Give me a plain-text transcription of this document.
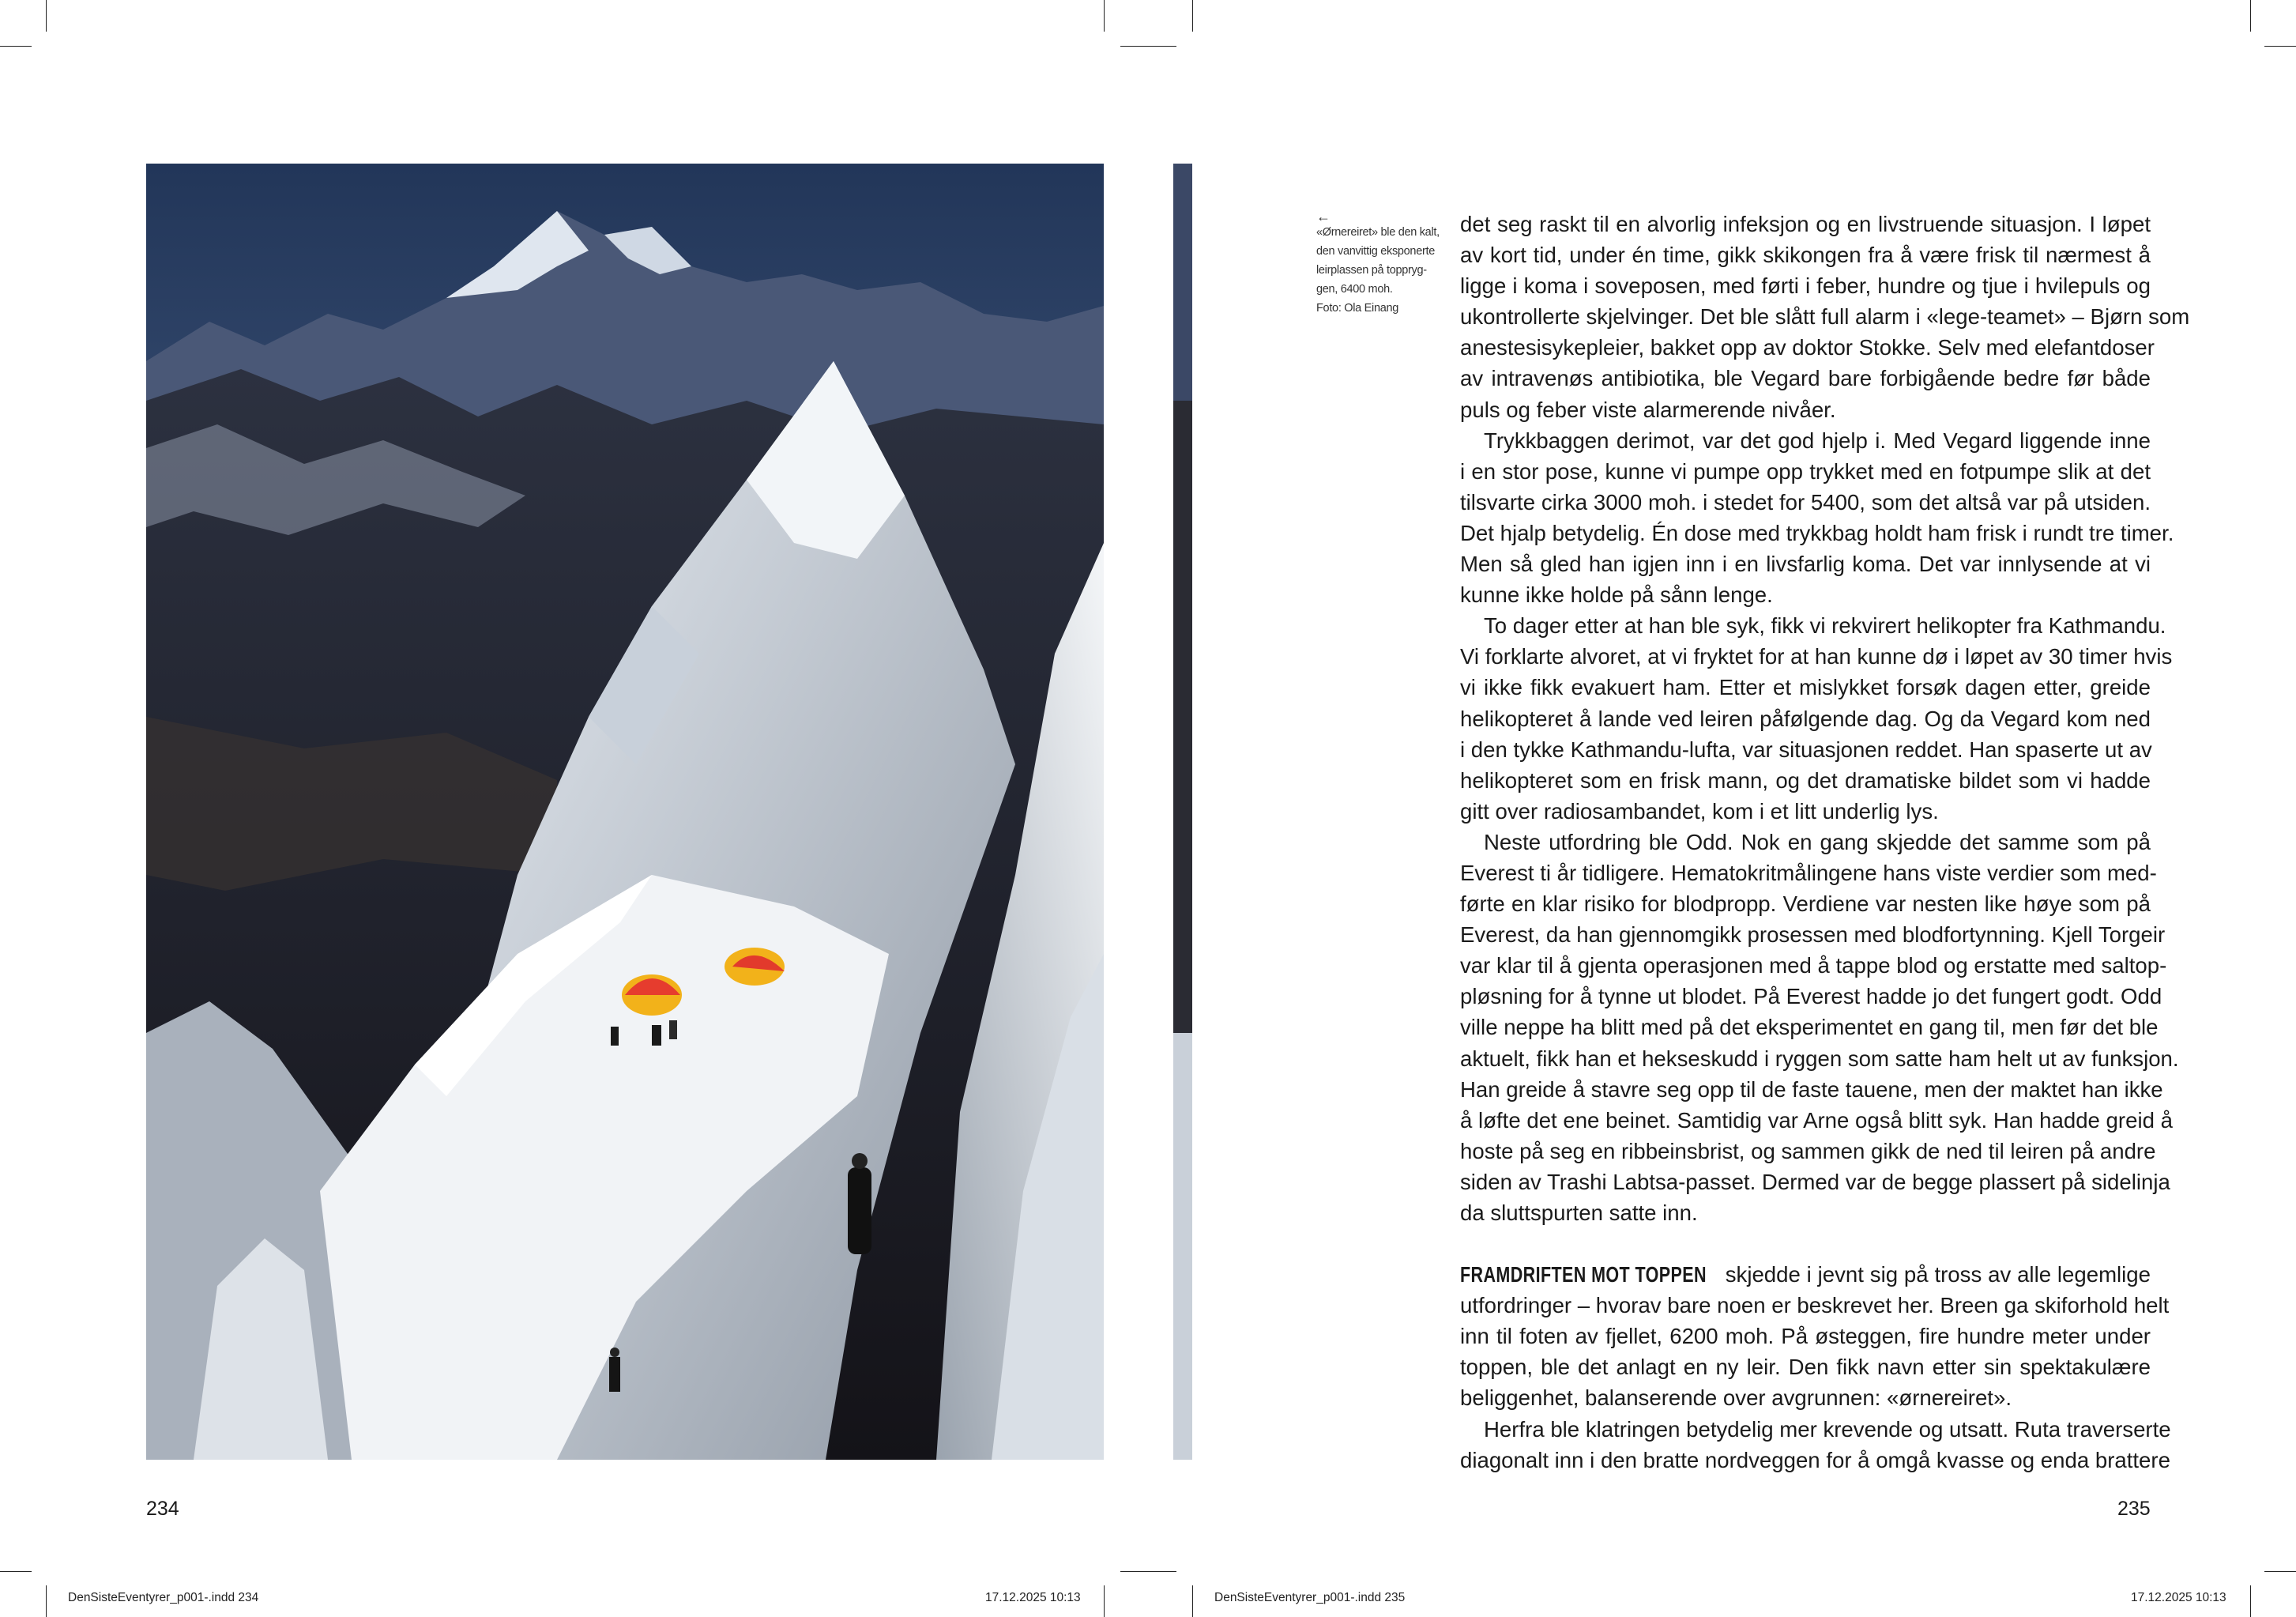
←
«Ørnereiret» ble den kalt,
den vanvittig eksponerte
leirplassen på toppryg-
gen, 6400 moh.
Foto: Ola Einang
det seg raskt til en alvorlig infeksjon og en livstruende situasjon. I løpet
av kort tid, under én time, gikk skikongen fra å være frisk til nærmest å
ligge i koma i soveposen, med førti i feber, hundre og tjue i hvilepuls og
ukontrollerte skjelvinger. Det ble slått full alarm i «lege-teamet» – Bjørn som
anestesisykepleier, bakket opp av doktor Stokke. Selv med elefantdoser
av intravenøs antibiotika, ble Vegard bare forbigående bedre før både
puls og feber viste alarmerende nivåer.
Trykkbaggen derimot, var det god hjelp i. Med Vegard liggende inne
i en stor pose, kunne vi pumpe opp trykket med en fotpumpe slik at det
tilsvarte cirka 3000 moh. i stedet for 5400, som det altså var på utsiden.
Det hjalp betydelig. Én dose med trykkbag holdt ham frisk i rundt tre timer.
Men så gled han igjen inn i en livsfarlig koma. Det var innlysende at vi
kunne ikke holde på sånn lenge.
To dager etter at han ble syk, fikk vi rekvirert helikopter fra Kathmandu.
Vi forklarte alvoret, at vi fryktet for at han kunne dø i løpet av 30 timer hvis
vi ikke fikk evakuert ham. Etter et mislykket forsøk dagen etter, greide
helikopteret å lande ved leiren påfølgende dag. Og da Vegard kom ned
i den tykke Kathmandu-lufta, var situasjonen reddet. Han spaserte ut av
helikopteret som en frisk mann, og det dramatiske bildet som vi hadde
gitt over radiosambandet, kom i et litt underlig lys.
Neste utfordring ble Odd. Nok en gang skjedde det samme som på
Everest ti år tidligere. Hematokritmålingene hans viste verdier som med-
førte en klar risiko for blodpropp. Verdiene var nesten like høye som på
Everest, da han gjennomgikk prosessen med blodfortynning. Kjell Torgeir
var klar til å gjenta operasjonen med å tappe blod og erstatte med saltop-
pløsning for å tynne ut blodet. På Everest hadde jo det fungert godt. Odd
ville neppe ha blitt med på det eksperimentet en gang til, men før det ble
aktuelt, fikk han et hekseskudd i ryggen som satte ham helt ut av funksjon.
Han greide å stavre seg opp til de faste tauene, men der maktet han ikke
å løfte det ene beinet. Samtidig var Arne også blitt syk. Han hadde greid å
hoste på seg en ribbeinsbrist, og sammen gikk de ned til leiren på andre
siden av Trashi Labtsa-passet. Dermed var de begge plassert på sidelinja
da sluttspurten satte inn.
FRAMDRIFTEN MOT TOPPEN skjedde i jevnt sig på tross av alle legemlige
utfordringer – hvorav bare noen er beskrevet her. Breen ga skiforhold helt
inn til foten av fjellet, 6200 moh. På østeggen, fire hundre meter under
toppen, ble det anlagt en ny leir. Den fikk navn etter sin spektakulære
beliggenhet, balanserende over avgrunnen: «ørnereiret».
Herfra ble klatringen betydelig mer krevende og utsatt. Ruta traverserte
diagonalt inn i den bratte nordveggen for å omgå kvasse og enda brattere
234	235
DenSisteEventyrer_p001-.indd 234	17.12.2025 10:13	DenSisteEventyrer_p001-.indd 235	17.12.2025 10:13
